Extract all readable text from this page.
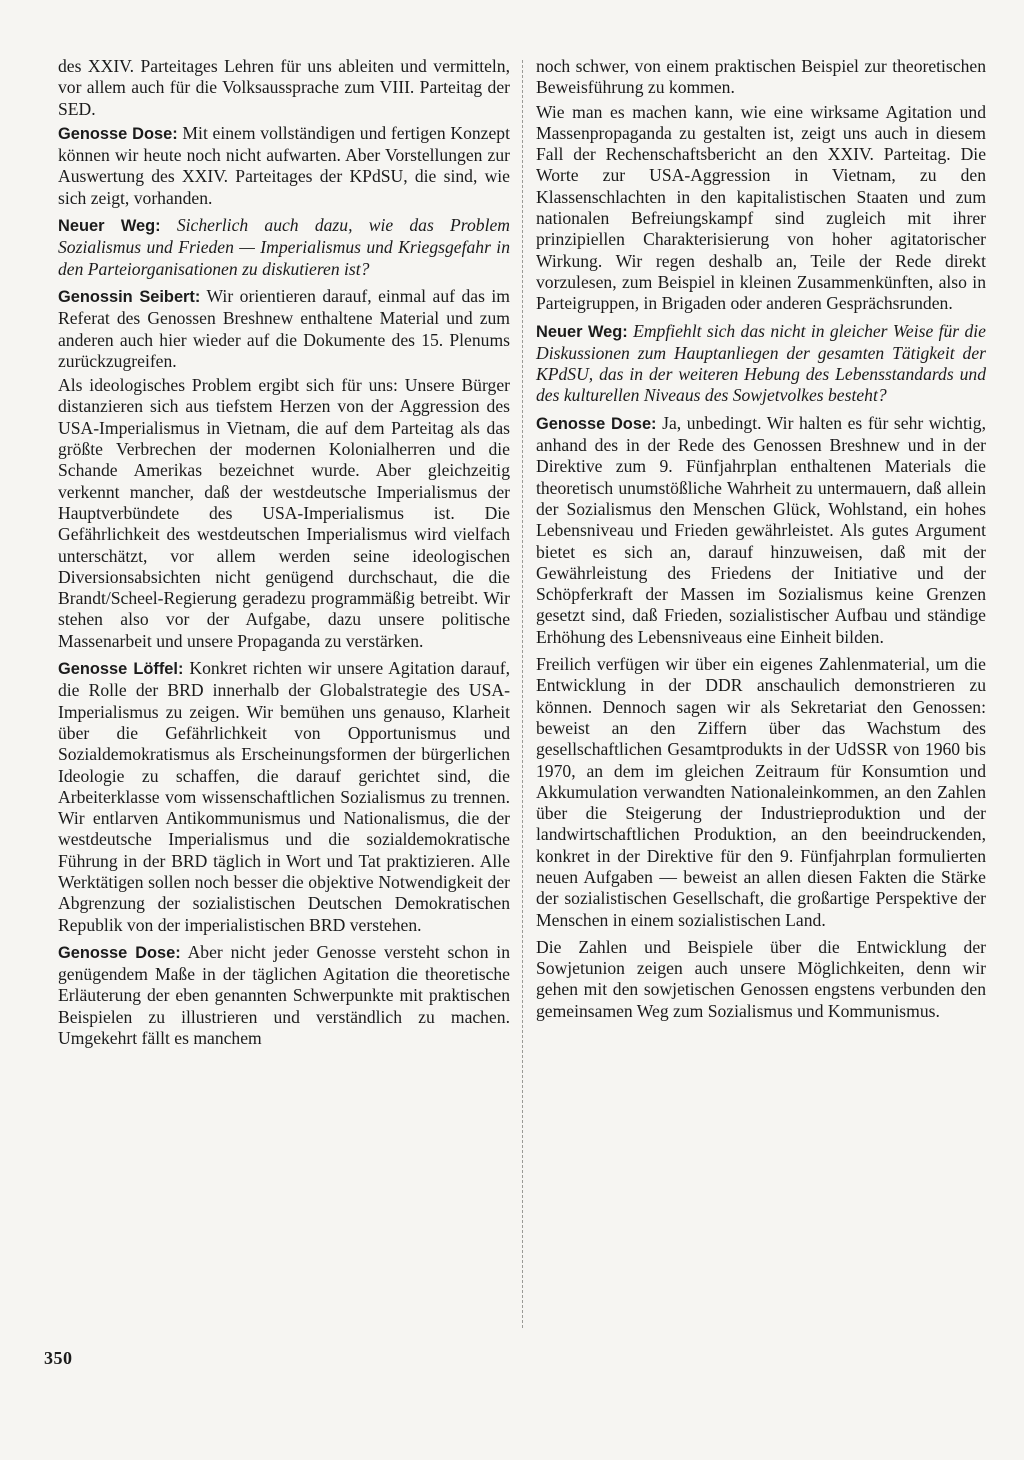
des XXIV. Parteitages Lehren für uns ableiten und vermitteln, vor allem auch für die Volksaussprache zum VIII. Parteitag der SED.

Genosse Dose: Mit einem vollständigen und fertigen Konzept können wir heute noch nicht aufwarten. Aber Vorstellungen zur Auswertung des XXIV. Parteitages der KPdSU, die sind, wie sich zeigt, vorhanden.

Neuer Weg: Sicherlich auch dazu, wie das Problem Sozialismus und Frieden — Imperialismus und Kriegsgefahr in den Parteiorganisationen zu diskutieren ist?

Genossin Seibert: Wir orientieren darauf, einmal auf das im Referat des Genossen Breshnew enthaltene Material und zum anderen auch hier wieder auf die Dokumente des 15. Plenums zurückzugreifen.

Als ideologisches Problem ergibt sich für uns: Unsere Bürger distanzieren sich aus tiefstem Herzen von der Aggression des USA-Imperialismus in Vietnam, die auf dem Parteitag als das größte Verbrechen der modernen Kolonialherren und die Schande Amerikas bezeichnet wurde. Aber gleichzeitig verkennt mancher, daß der westdeutsche Imperialismus der Hauptverbündete des USA-Imperialismus ist. Die Gefährlichkeit des westdeutschen Imperialismus wird vielfach unterschätzt, vor allem werden seine ideologischen Diversionsabsichten nicht genügend durchschaut, die die Brandt/Scheel-Regierung geradezu programmäßig betreibt. Wir stehen also vor der Aufgabe, dazu unsere politische Massenarbeit und unsere Propaganda zu verstärken.

Genosse Löffel: Konkret richten wir unsere Agitation darauf, die Rolle der BRD innerhalb der Globalstrategie des USA-Imperialismus zu zeigen. Wir bemühen uns genauso, Klarheit über die Gefährlichkeit von Opportunismus und Sozialdemokratismus als Erscheinungsformen der bürgerlichen Ideologie zu schaffen, die darauf gerichtet sind, die Arbeiterklasse vom wissenschaftlichen Sozialismus zu trennen. Wir entlarven Antikommunismus und Nationalismus, die der westdeutsche Imperialismus und die sozialdemokratische Führung in der BRD täglich in Wort und Tat praktizieren. Alle Werktätigen sollen noch besser die objektive Notwendigkeit der Abgrenzung der sozialistischen Deutschen Demokratischen Republik von der imperialistischen BRD verstehen.

Genosse Dose: Aber nicht jeder Genosse versteht schon in genügendem Maße in der täglichen Agitation die theoretische Erläuterung der eben genannten Schwerpunkte mit praktischen Beispielen zu illustrieren und verständlich zu machen. Umgekehrt fällt es manchem

noch schwer, von einem praktischen Beispiel zur theoretischen Beweisführung zu kommen.

Wie man es machen kann, wie eine wirksame Agitation und Massenpropaganda zu gestalten ist, zeigt uns auch in diesem Fall der Rechenschaftsbericht an den XXIV. Parteitag. Die Worte zur USA-Aggression in Vietnam, zu den Klassenschlachten in den kapitalistischen Staaten und zum nationalen Befreiungskampf sind zugleich mit ihrer prinzipiellen Charakterisierung von hoher agitatorischer Wirkung. Wir regen deshalb an, Teile der Rede direkt vorzulesen, zum Beispiel in kleinen Zusammenkünften, also in Parteigruppen, in Brigaden oder anderen Gesprächsrunden.

Neuer Weg: Empfiehlt sich das nicht in gleicher Weise für die Diskussionen zum Hauptanliegen der gesamten Tätigkeit der KPdSU, das in der weiteren Hebung des Lebensstandards und des kulturellen Niveaus des Sowjetvolkes besteht?

Genosse Dose: Ja, unbedingt. Wir halten es für sehr wichtig, anhand des in der Rede des Genossen Breshnew und in der Direktive zum 9. Fünfjahrplan enthaltenen Materials die theoretisch unumstößliche Wahrheit zu untermauern, daß allein der Sozialismus den Menschen Glück, Wohlstand, ein hohes Lebensniveau und Frieden gewährleistet. Als gutes Argument bietet es sich an, darauf hinzuweisen, daß mit der Gewährleistung des Friedens der Initiative und der Schöpferkraft der Massen im Sozialismus keine Grenzen gesetzt sind, daß Frieden, sozialistischer Aufbau und ständige Erhöhung des Lebensniveaus eine Einheit bilden.

Freilich verfügen wir über ein eigenes Zahlenmaterial, um die Entwicklung in der DDR anschaulich demonstrieren zu können. Dennoch sagen wir als Sekretariat den Genossen: beweist an den Ziffern über das Wachstum des gesellschaftlichen Gesamtprodukts in der UdSSR von 1960 bis 1970, an dem im gleichen Zeitraum für Konsumtion und Akkumulation verwandten Nationaleinkommen, an den Zahlen über die Steigerung der Industrieproduktion und der landwirtschaftlichen Produktion, an den beeindruckenden, konkret in der Direktive für den 9. Fünfjahrplan formulierten neuen Aufgaben — beweist an allen diesen Fakten die Stärke der sozialistischen Gesellschaft, die großartige Perspektive der Menschen in einem sozialistischen Land.

Die Zahlen und Beispiele über die Entwicklung der Sowjetunion zeigen auch unsere Möglichkeiten, denn wir gehen mit den sowjetischen Genossen engstens verbunden den gemeinsamen Weg zum Sozialismus und Kommunismus.

350
